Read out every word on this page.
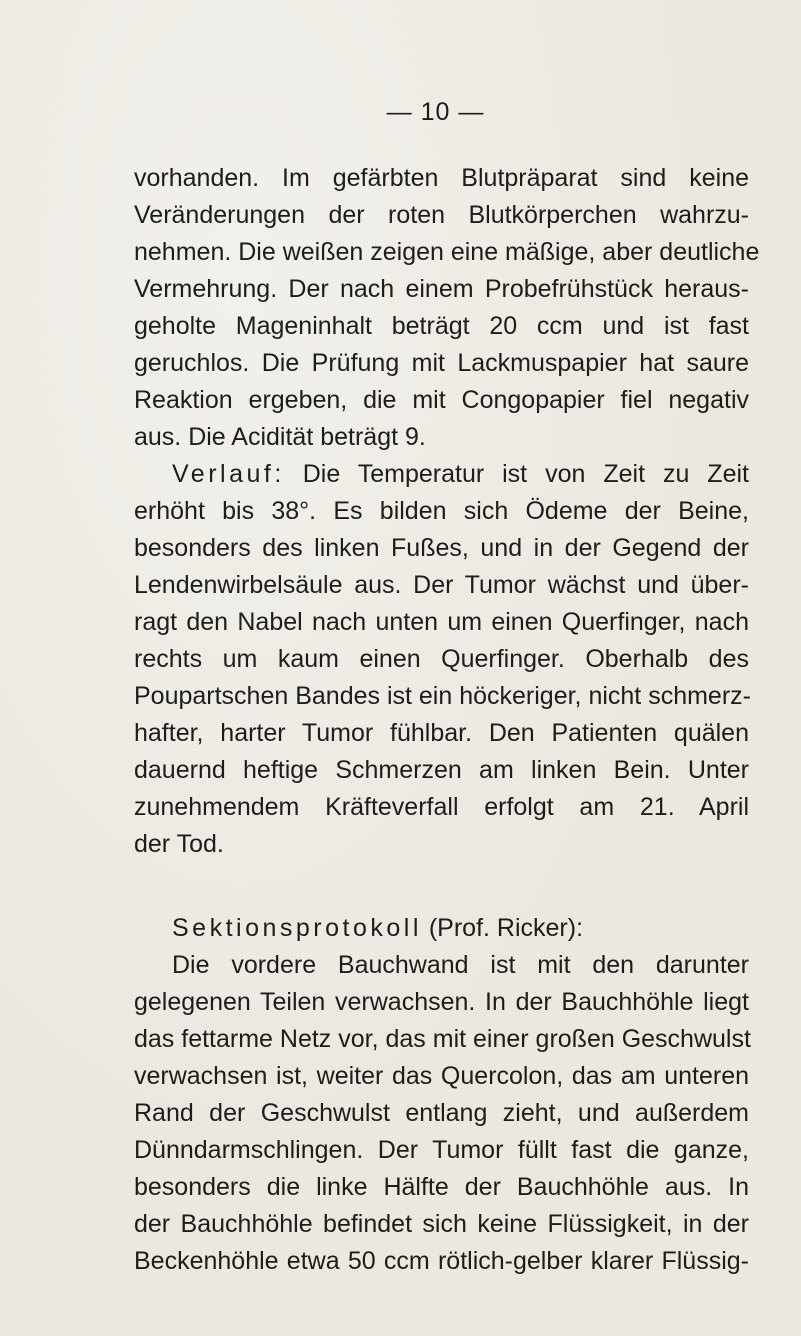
— 10 —

vorhanden. Im gefärbten Blutpräparat sind keine
Veränderungen der roten Blutkörperchen wahrzu-
nehmen. Die weißen zeigen eine mäßige, aber deutliche
Vermehrung. Der nach einem Probefrühstück heraus-
geholte Mageninhalt beträgt 20 ccm und ist fast
geruchlos. Die Prüfung mit Lackmuspapier hat saure
Reaktion ergeben, die mit Congopapier fiel negativ
aus. Die Acidität beträgt 9.
Verlauf: Die Temperatur ist von Zeit zu Zeit
erhöht bis 38°. Es bilden sich Ödeme der Beine,
besonders des linken Fußes, und in der Gegend der
Lendenwirbelsäule aus. Der Tumor wächst und über-
ragt den Nabel nach unten um einen Querfinger, nach
rechts um kaum einen Querfinger. Oberhalb des
Poupartschen Bandes ist ein höckeriger, nicht schmerz-
hafter, harter Tumor fühlbar. Den Patienten quälen
dauernd heftige Schmerzen am linken Bein. Unter
zunehmendem Kräfteverfall erfolgt am 21. April
der Tod.
Sektionsprotokoll (Prof. Ricker):
Die vordere Bauchwand ist mit den darunter
gelegenen Teilen verwachsen. In der Bauchhöhle liegt
das fettarme Netz vor, das mit einer großen Geschwulst
verwachsen ist, weiter das Quercolon, das am unteren
Rand der Geschwulst entlang zieht, und außerdem
Dünndarmschlingen. Der Tumor füllt fast die ganze,
besonders die linke Hälfte der Bauchhöhle aus. In
der Bauchhöhle befindet sich keine Flüssigkeit, in der
Beckenhöhle etwa 50 ccm rötlich-gelber klarer Flüssig-
